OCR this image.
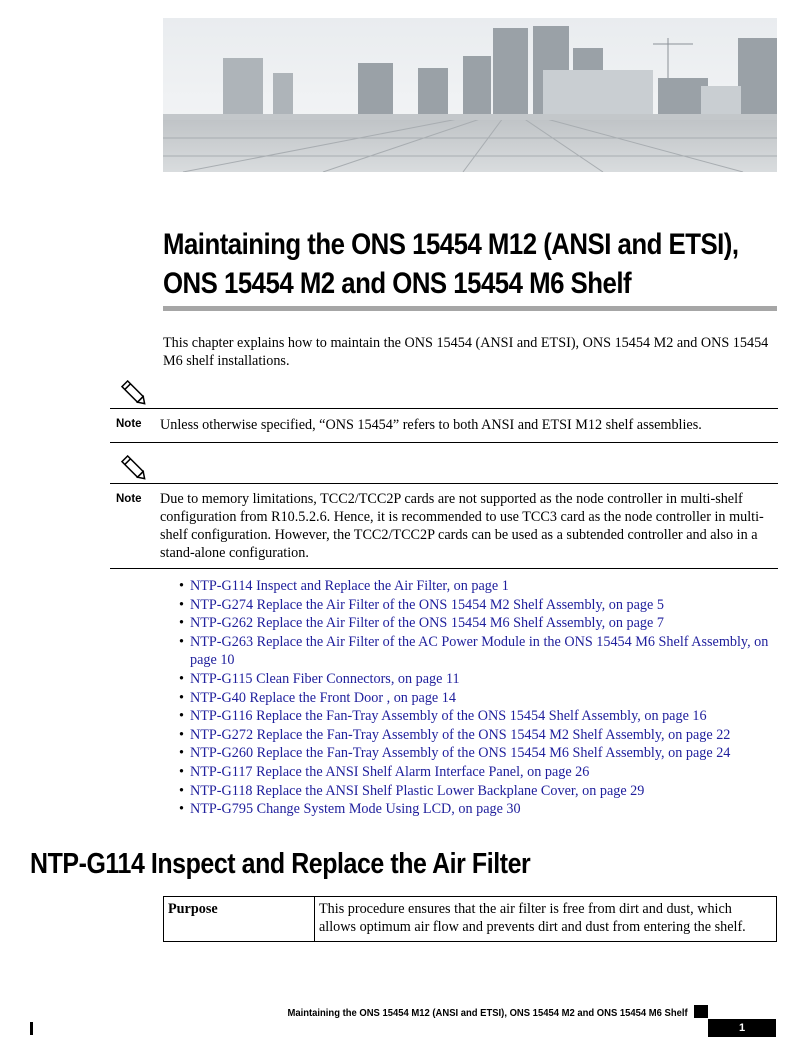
Maintaining the ONS 15454 M12 (ANSI and ETSI),
ONS 15454 M2 and ONS 15454 M6 Shelf
This chapter explains how to maintain the ONS 15454 (ANSI and ETSI), ONS 15454 M2 and ONS 15454 M6 shelf installations.
Note Unless otherwise specified, “ONS 15454” refers to both ANSI and ETSI M12 shelf assemblies.
Note Due to memory limitations, TCC2/TCC2P cards are not supported as the node controller in multi-shelf configuration from R10.5.2.6. Hence, it is recommended to use TCC3 card as the node controller in multi-shelf configuration. However, the TCC2/TCC2P cards can be used as a subtended controller and also in a stand-alone configuration.
• NTP-G114 Inspect and Replace the Air Filter, on page 1
• NTP-G274 Replace the Air Filter of the ONS 15454 M2 Shelf Assembly, on page 5
• NTP-G262 Replace the Air Filter of the ONS 15454 M6 Shelf Assembly, on page 7
• NTP-G263 Replace the Air Filter of the AC Power Module in the ONS 15454 M6 Shelf Assembly, on page 10
• NTP-G115 Clean Fiber Connectors, on page 11
• NTP-G40 Replace the Front Door , on page 14
• NTP-G116 Replace the Fan-Tray Assembly of the ONS 15454 Shelf Assembly, on page 16
• NTP-G272 Replace the Fan-Tray Assembly of the ONS 15454 M2 Shelf Assembly, on page 22
• NTP-G260 Replace the Fan-Tray Assembly of the ONS 15454 M6 Shelf Assembly, on page 24
• NTP-G117 Replace the ANSI Shelf Alarm Interface Panel, on page 26
• NTP-G118 Replace the ANSI Shelf Plastic Lower Backplane Cover, on page 29
• NTP-G795 Change System Mode Using LCD, on page 30
NTP-G114 Inspect and Replace the Air Filter
Purpose	This procedure ensures that the air filter is free from dirt and dust, which allows optimum air flow and prevents dirt and dust from entering the shelf.
Maintaining the ONS 15454 M12 (ANSI and ETSI), ONS 15454 M2 and ONS 15454 M6 Shelf
1
